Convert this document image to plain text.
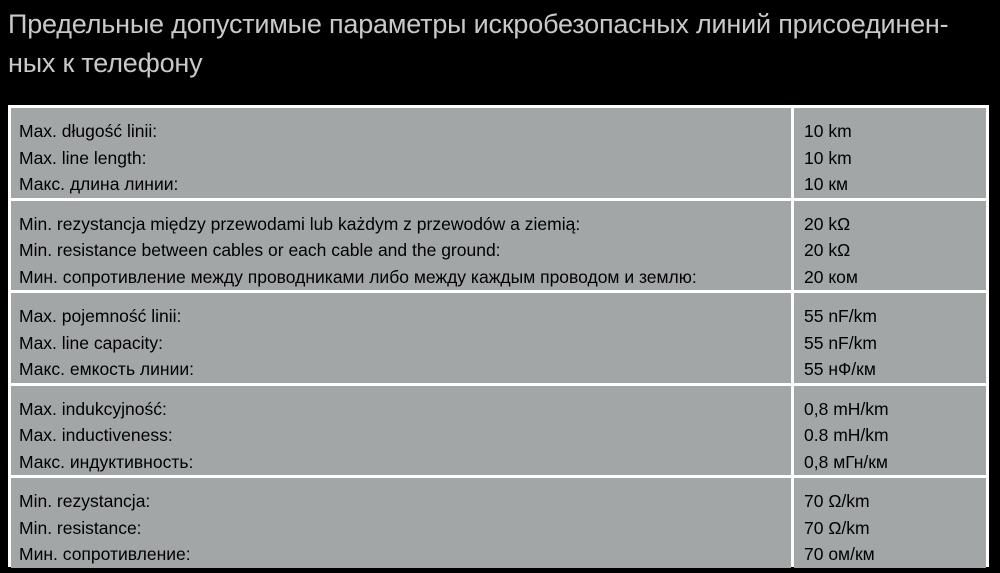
Предельные допустимые параметры искробезопасных линий присоединен-ных к телефону
Max. długość linii:
Max. line length:
Макс. длина линии:
10 km
10 km
10 км
Min. rezystancja między przewodami lub każdym z przewodów a ziemią:
Min. resistance between cables or each cable and the ground:
Мин. сопротивление между проводниками либо между каждым проводом и землю:
20 kΩ
20 kΩ
20 ком
Max. pojemność linii:
Max. line capacity:
Макс. емкость линии:
55 nF/km
55 nF/km
55 нФ/км
Max. indukcyjność:
Max. inductiveness:
Макс. индуктивность:
0,8 mH/km
0.8 mH/km
0,8 мГн/км
Min. rezystancja:
Min. resistance:
Мин. сопротивление:
70 Ω/km
70 Ω/km
70 ом/км
